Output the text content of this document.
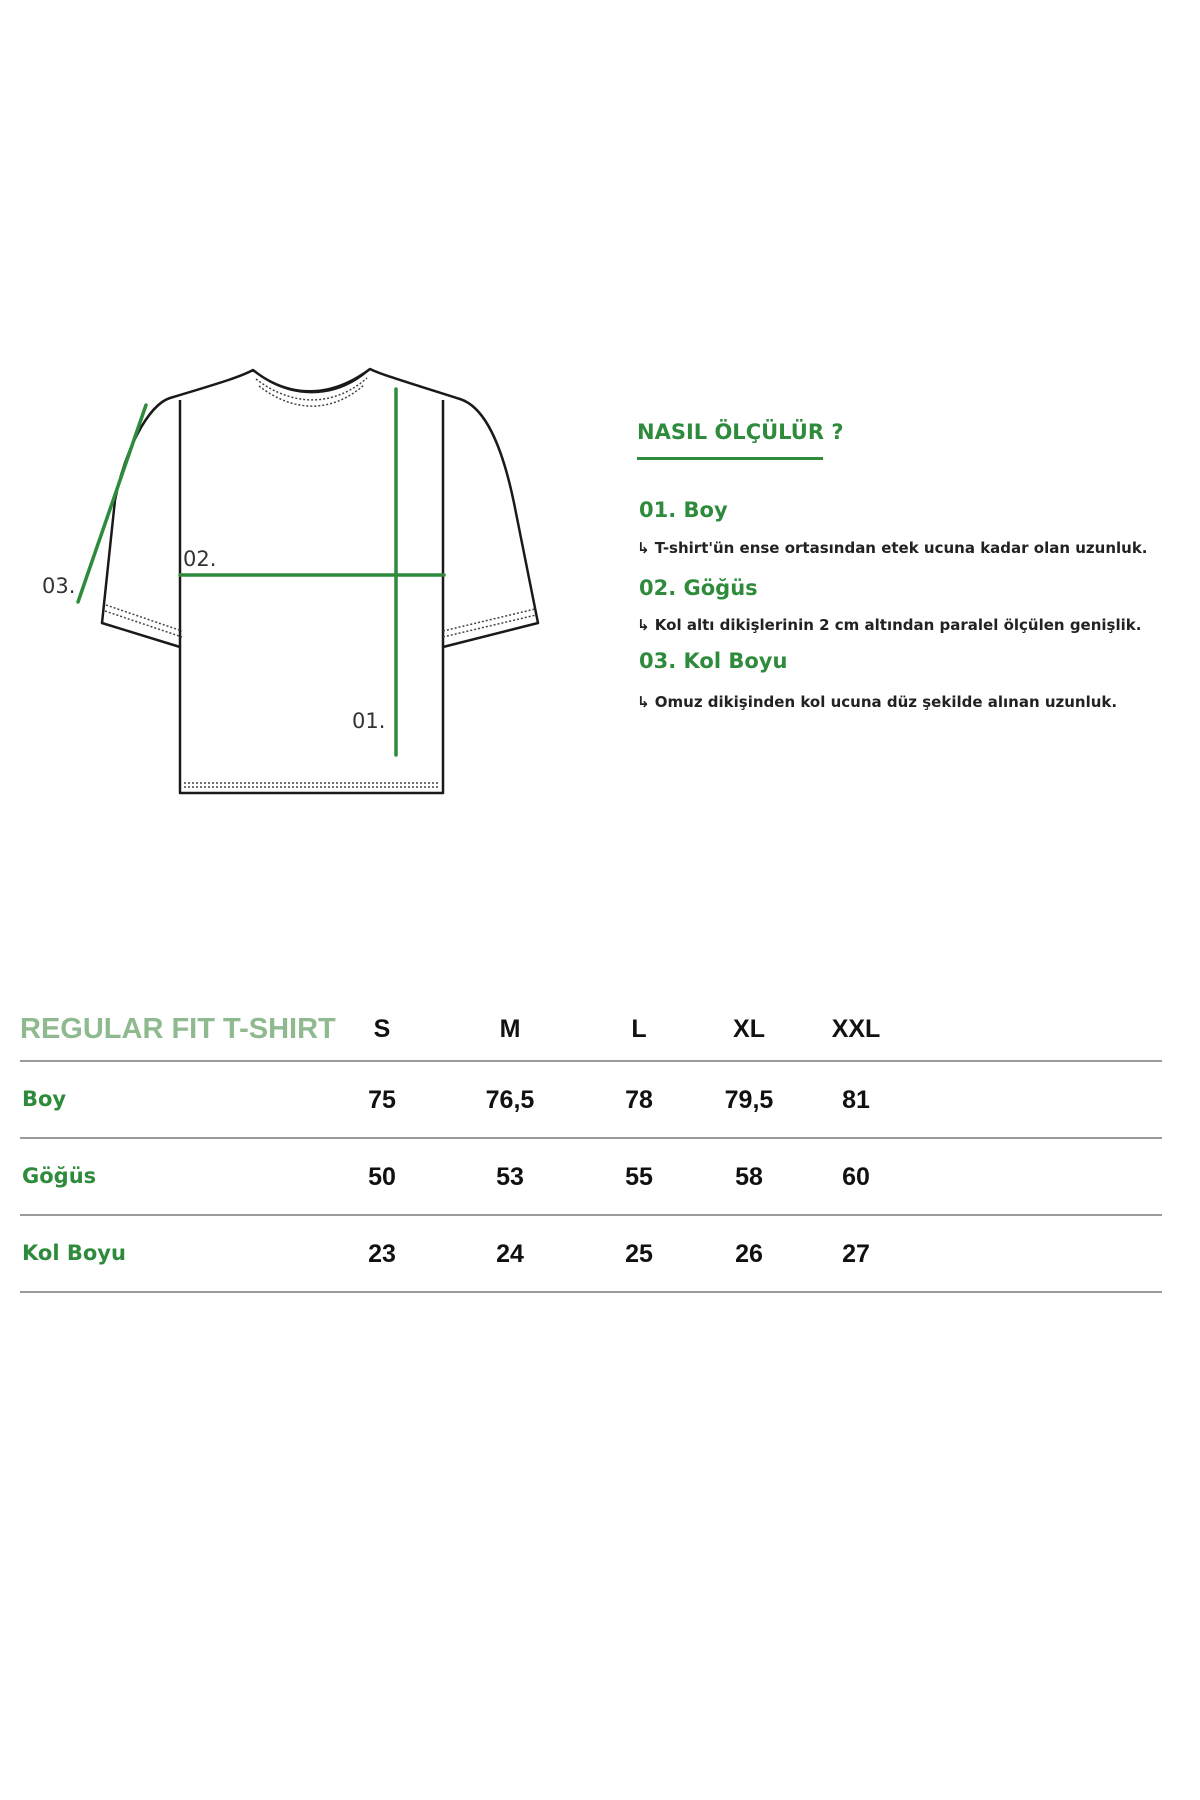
01.
02.
03.
NASIL ÖLÇÜLÜR ?
01. Boy
↳ T-shirt'ün ense ortasından etek ucuna kadar olan uzunluk.
02. Göğüs
↳ Kol altı dikişlerinin 2 cm altından paralel ölçülen genişlik.
03. Kol Boyu
↳ Omuz dikişinden kol ucuna düz şekilde alınan uzunluk.
REGULAR FIT T-SHIRT	S	M	L	XL	XXL
Boy	75	76,5	78	79,5	81
Göğüs	50	53	55	58	60
Kol Boyu	23	24	25	26	27
